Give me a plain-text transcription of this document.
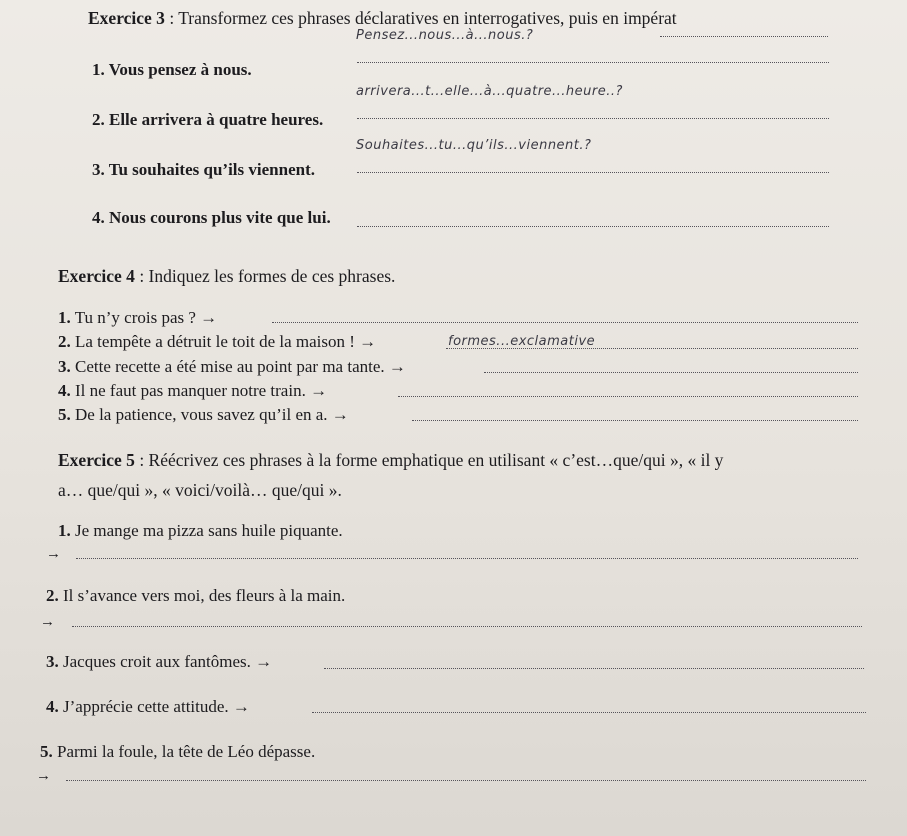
Exercice 3 : Transformez ces phrases déclaratives en interrogatives, puis en impérat
1. Vous pensez à nous.
Pensez...nous...à...nous.?
2. Elle arrivera à quatre heures.
arrivera...t...elle...à...quatre...heure..?
3. Tu souhaites qu’ils viennent.
Souhaites...tu...qu’ils...viennent.?
4. Nous courons plus vite que lui.
Exercice 4 : Indiquez les formes de ces phrases.
1. Tu n’y crois pas ? →
2. La tempête a détruit le toit de la maison ! →	formes...exclamative
3. Cette recette a été mise au point par ma tante. →
4. Il ne faut pas manquer notre train. →
5. De la patience, vous savez qu’il en a. →
Exercice 5 : Réécrivez ces phrases à la forme emphatique en utilisant « c’est…que/qui », « il y
a… que/qui », « voici/voilà… que/qui ».
1. Je mange ma pizza sans huile piquante.
→
2. Il s’avance vers moi, des fleurs à la main.
→
3. Jacques croit aux fantômes. →
4. J’apprécie cette attitude. →
5. Parmi la foule, la tête de Léo dépasse.
→
